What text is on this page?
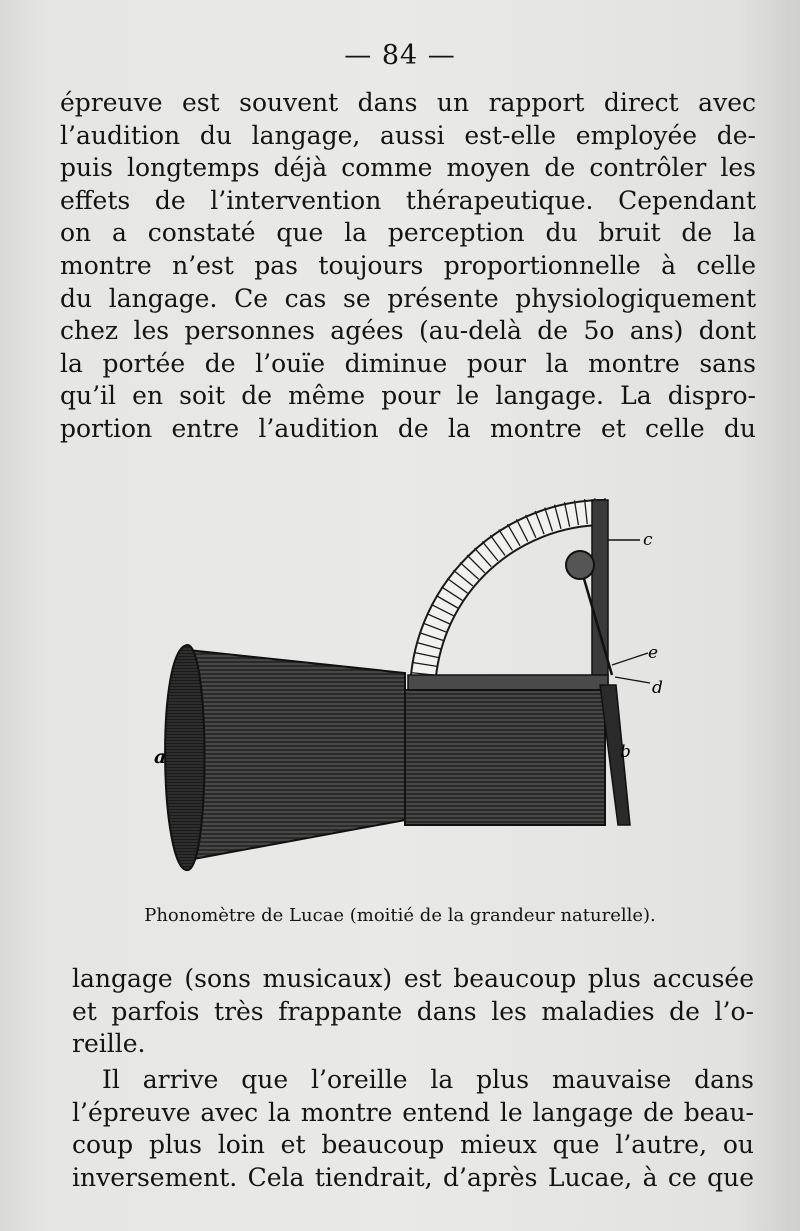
— 84 —

épreuve est souvent dans un rapport direct avec
l’audition du langage, aussi est-elle employée de-
puis longtemps déjà comme moyen de contrôler les
effets de l’intervention thérapeutique. Cependant
on a constaté que la perception du bruit de la
montre n’est pas toujours proportionnelle à celle
du langage. Ce cas se présente physiologiquement
chez les personnes agées (au-delà de 5o ans) dont
la portée de l’ouïe diminue pour la montre sans
qu’il en soit de même pour le langage. La dispro-
portion entre l’audition de la montre et celle du

c
e
d
a	b
Phonomètre de Lucae (moitié de la grandeur naturelle).

langage (sons musicaux) est beaucoup plus accusée
et parfois très frappante dans les maladies de l’o-
reille.

Il arrive que l’oreille la plus mauvaise dans
l’épreuve avec la montre entend le langage de beau-
coup plus loin et beaucoup mieux que l’autre, ou
inversement. Cela tiendrait, d’après Lucae, à ce que
